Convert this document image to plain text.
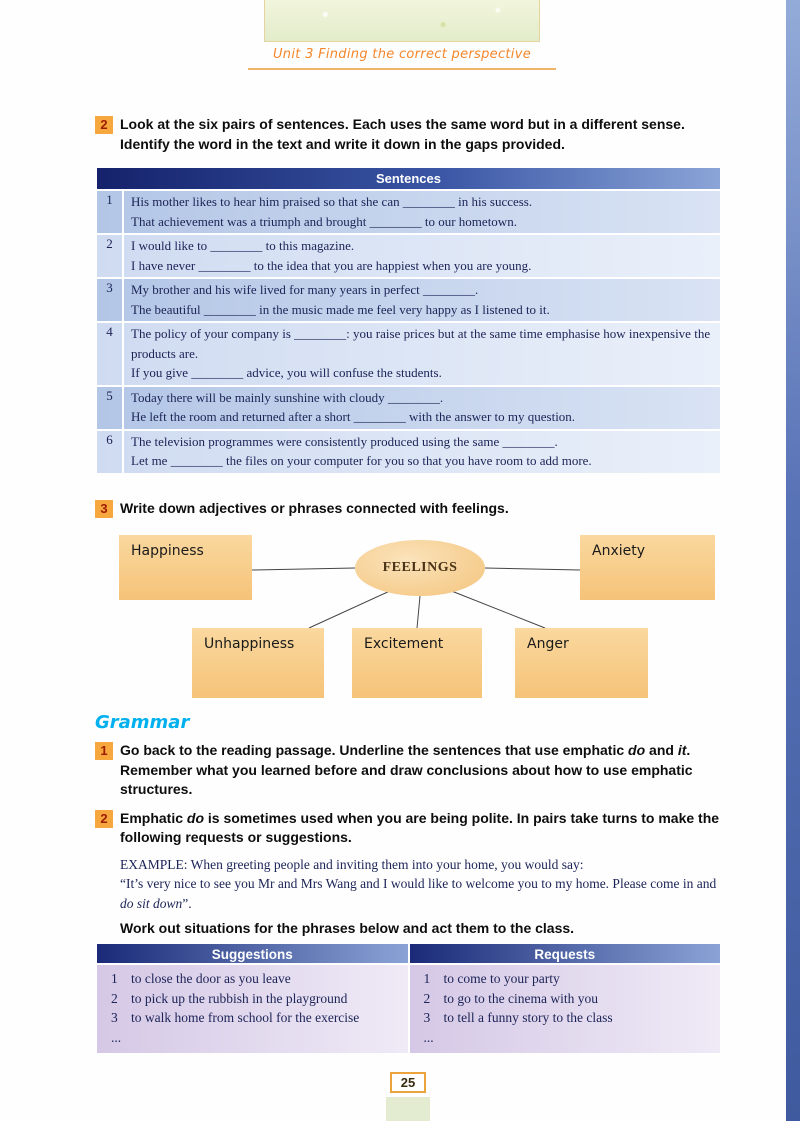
Unit 3 Finding the correct perspective
2 Look at the six pairs of sentences. Each uses the same word but in a different sense. Identify the word in the text and write it down in the gaps provided.
Sentences
1	His mother likes to hear him praised so that she can ________ in his success.
That achievement was a triumph and brought ________ to our hometown.
2	I would like to ________ to this magazine.
I have never ________ to the idea that you are happiest when you are young.
3	My brother and his wife lived for many years in perfect ________.
The beautiful ________ in the music made me feel very happy as I listened to it.
4	The policy of your company is ________: you raise prices but at the same time emphasise how inexpensive the products are.
If you give ________ advice, you will confuse the students.
5	Today there will be mainly sunshine with cloudy ________.
He left the room and returned after a short ________ with the answer to my question.
6	The television programmes were consistently produced using the same ________.
Let me ________ the files on your computer for you so that you have room to add more.
3 Write down adjectives or phrases connected with feelings.
FEELINGS
Happiness	Anxiety
Unhappiness	Excitement	Anger
Grammar
1 Go back to the reading passage. Underline the sentences that use emphatic do and it. Remember what you learned before and draw conclusions about how to use emphatic structures.
2 Emphatic do is sometimes used when you are being polite. In pairs take turns to make the following requests or suggestions.
EXAMPLE: When greeting people and inviting them into your home, you would say:
“It’s very nice to see you Mr and Mrs Wang and I would like to welcome you to my home. Please come in and do sit down”.
Work out situations for the phrases below and act them to the class.
Suggestions
1 to close the door as you leave
2 to pick up the rubbish in the playground
3 to walk home from school for the exercise
...
Requests
1 to come to your party
2 to go to the cinema with you
3 to tell a funny story to the class
...
25
